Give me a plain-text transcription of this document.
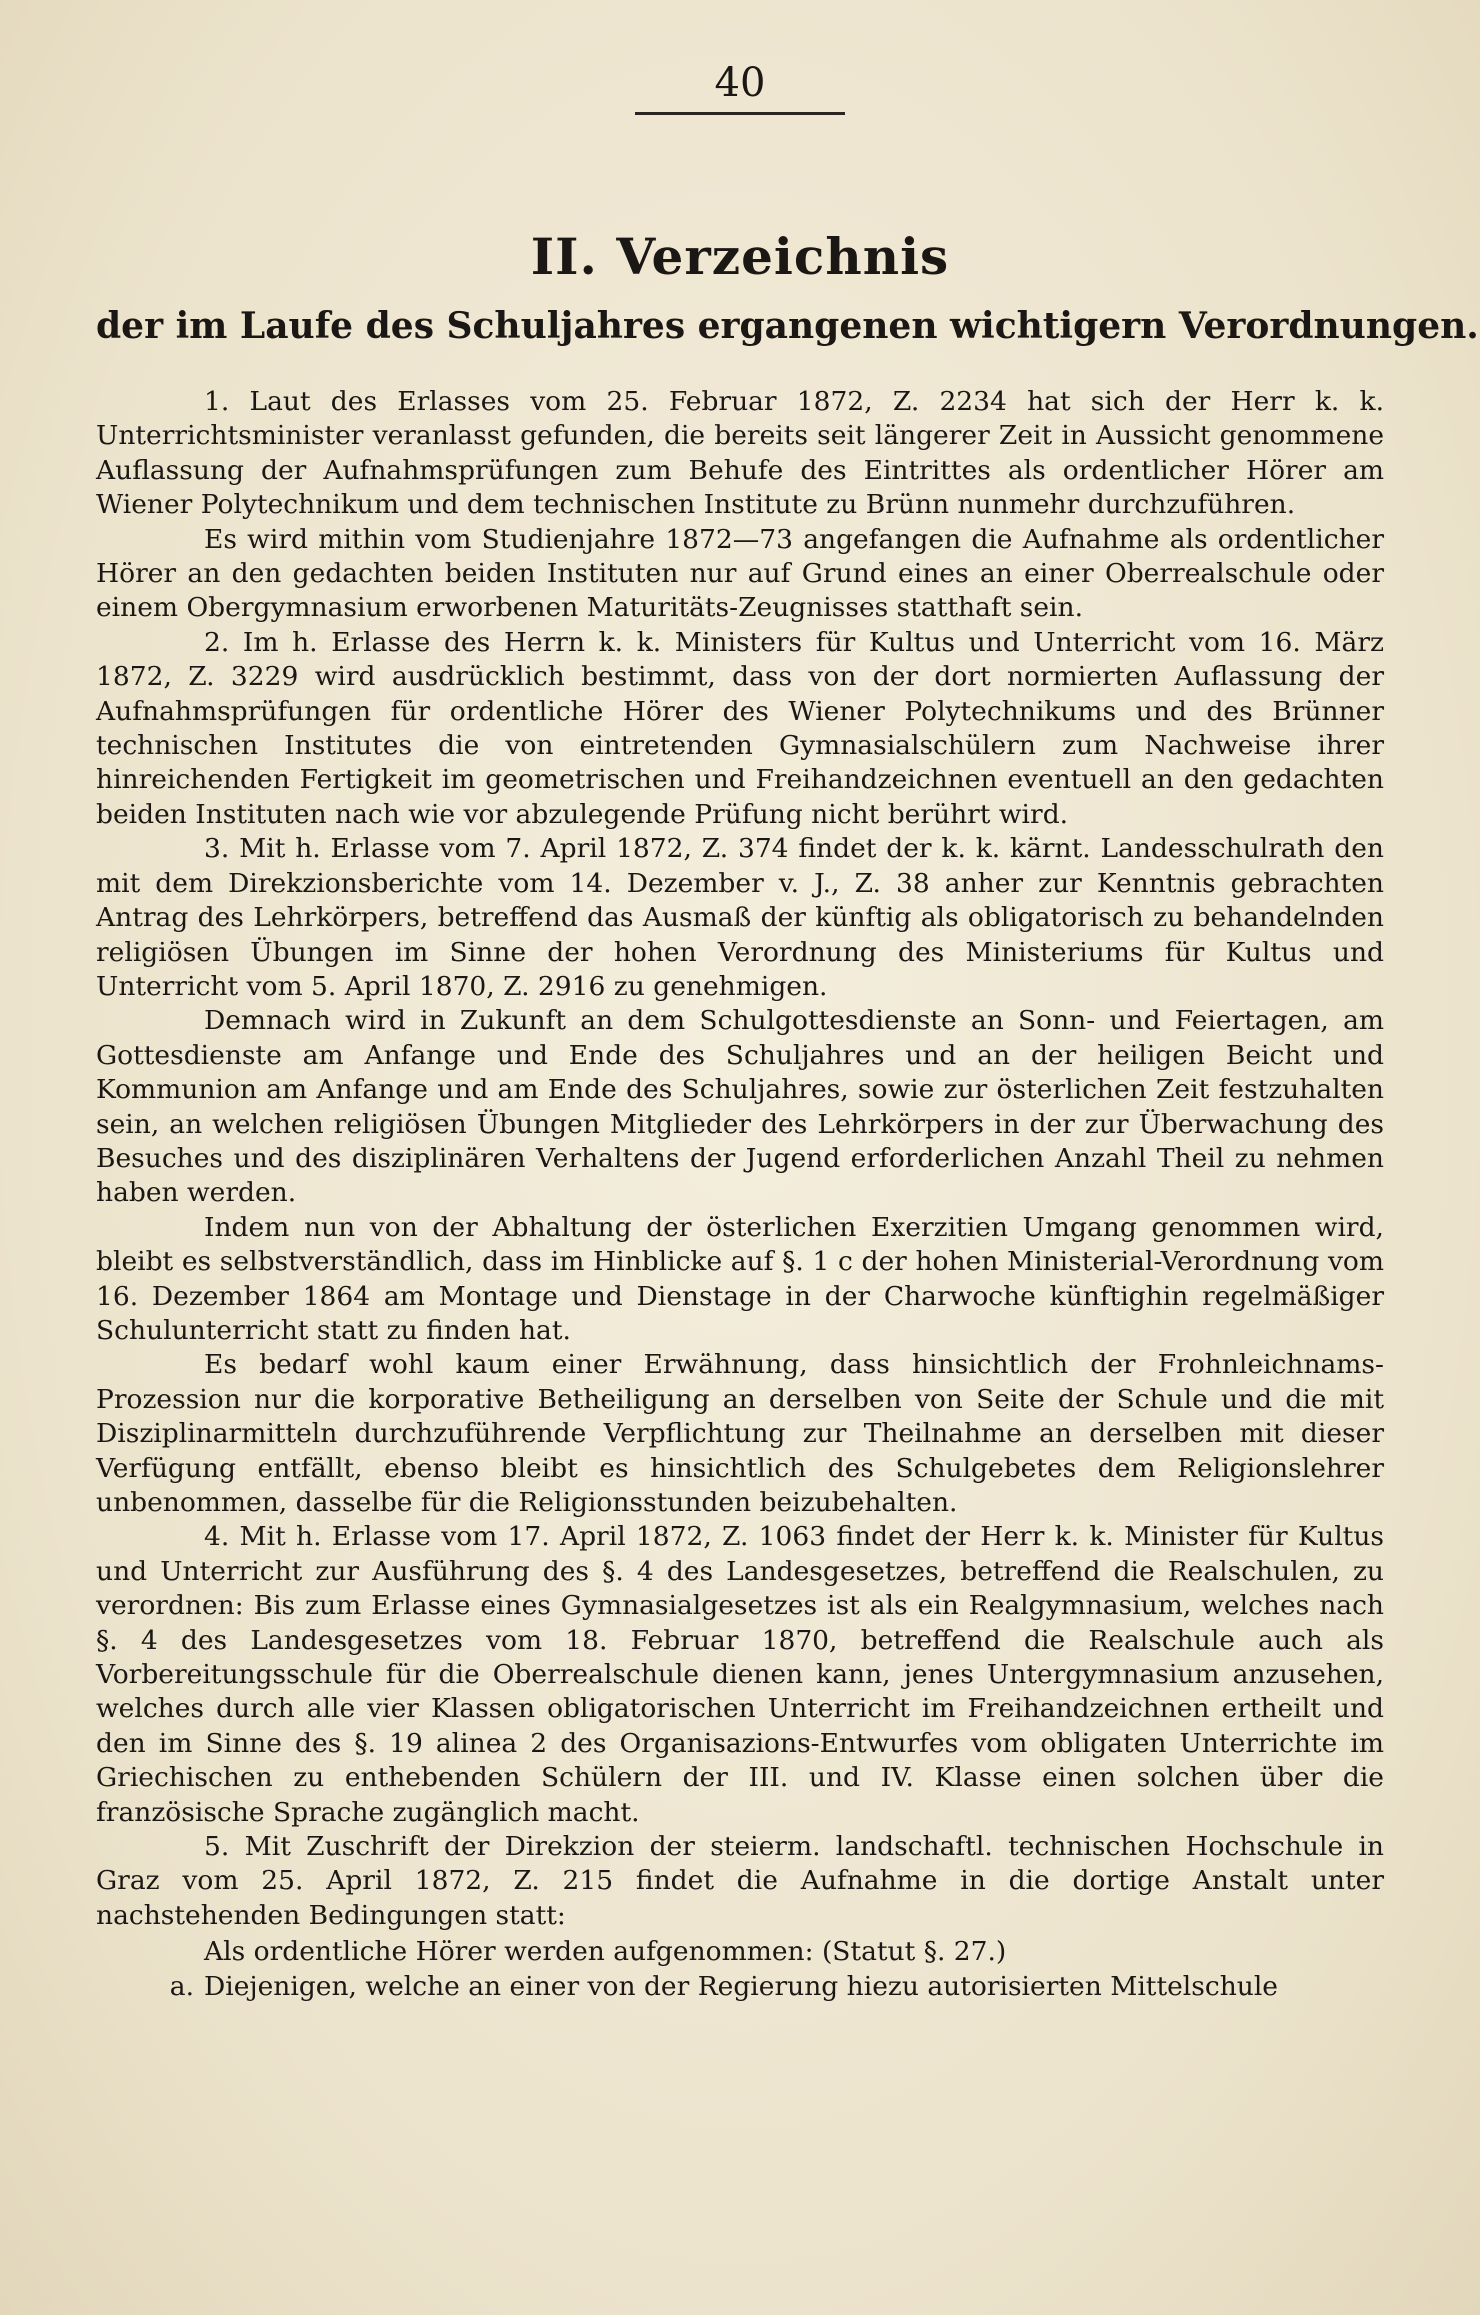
40
II. Verzeichnis
der im Laufe des Schuljahres ergangenen wichtigern Verordnungen.

1. Laut des Erlasses vom 25. Februar 1872, Z. 2234 hat sich der Herr k. k. Unterrichtsminister veranlasst gefunden, die bereits seit längerer Zeit in Aussicht genommene Auflassung der Aufnahmsprüfungen zum Behufe des Eintrittes als ordentlicher Hörer am Wiener Polytechnikum und dem technischen Institute zu Brünn nunmehr durchzuführen.

Es wird mithin vom Studienjahre 1872—73 angefangen die Aufnahme als ordentlicher Hörer an den gedachten beiden Instituten nur auf Grund eines an einer Oberrealschule oder einem Obergymnasium erworbenen Maturitäts-Zeugnisses statthaft sein.

2. Im h. Erlasse des Herrn k. k. Ministers für Kultus und Unterricht vom 16. März 1872, Z. 3229 wird ausdrücklich bestimmt, dass von der dort normierten Auflassung der Aufnahmsprüfungen für ordentliche Hörer des Wiener Polytechnikums und des Brünner technischen Institutes die von eintretenden Gymnasialschülern zum Nachweise ihrer hinreichenden Fertigkeit im geometrischen und Freihandzeichnen eventuell an den gedachten beiden Instituten nach wie vor abzulegende Prüfung nicht berührt wird.

3. Mit h. Erlasse vom 7. April 1872, Z. 374 findet der k. k. kärnt. Landesschulrath den mit dem Direkzionsberichte vom 14. Dezember v. J., Z. 38 anher zur Kenntnis gebrachten Antrag des Lehrkörpers, betreffend das Ausmaß der künftig als obligatorisch zu behandelnden religiösen Übungen im Sinne der hohen Verordnung des Ministeriums für Kultus und Unterricht vom 5. April 1870, Z. 2916 zu genehmigen.

Demnach wird in Zukunft an dem Schulgottesdienste an Sonn- und Feiertagen, am Gottesdienste am Anfange und Ende des Schuljahres und an der heiligen Beicht und Kommunion am Anfange und am Ende des Schuljahres, sowie zur österlichen Zeit festzuhalten sein, an welchen religiösen Übungen Mitglieder des Lehrkörpers in der zur Überwachung des Besuches und des disziplinären Verhaltens der Jugend erforderlichen Anzahl Theil zu nehmen haben werden.

Indem nun von der Abhaltung der österlichen Exerzitien Umgang genommen wird, bleibt es selbstverständlich, dass im Hinblicke auf §. 1 c der hohen Ministerial-Verordnung vom 16. Dezember 1864 am Montage und Dienstage in der Charwoche künftighin regelmäßiger Schulunterricht statt zu finden hat.

Es bedarf wohl kaum einer Erwähnung, dass hinsichtlich der Frohnleichnams-Prozession nur die korporative Betheiligung an derselben von Seite der Schule und die mit Disziplinarmitteln durchzuführende Verpflichtung zur Theilnahme an derselben mit dieser Verfügung entfällt, ebenso bleibt es hinsichtlich des Schulgebetes dem Religionslehrer unbenommen, dasselbe für die Religionsstunden beizubehalten.

4. Mit h. Erlasse vom 17. April 1872, Z. 1063 findet der Herr k. k. Minister für Kultus und Unterricht zur Ausführung des §. 4 des Landesgesetzes, betreffend die Realschulen, zu verordnen: Bis zum Erlasse eines Gymnasialgesetzes ist als ein Realgymnasium, welches nach §. 4 des Landesgesetzes vom 18. Februar 1870, betreffend die Realschule auch als Vorbereitungsschule für die Oberrealschule dienen kann, jenes Untergymnasium anzusehen, welches durch alle vier Klassen obligatorischen Unterricht im Freihandzeichnen ertheilt und den im Sinne des §. 19 alinea 2 des Organisazions-Entwurfes vom obligaten Unterrichte im Griechischen zu enthebenden Schülern der III. und IV. Klasse einen solchen über die französische Sprache zugänglich macht.

5. Mit Zuschrift der Direkzion der steierm. landschaftl. technischen Hochschule in Graz vom 25. April 1872, Z. 215 findet die Aufnahme in die dortige Anstalt unter nachstehenden Bedingungen statt:

Als ordentliche Hörer werden aufgenommen: (Statut §. 27.)

a. Diejenigen, welche an einer von der Regierung hiezu autorisierten Mittelschule
